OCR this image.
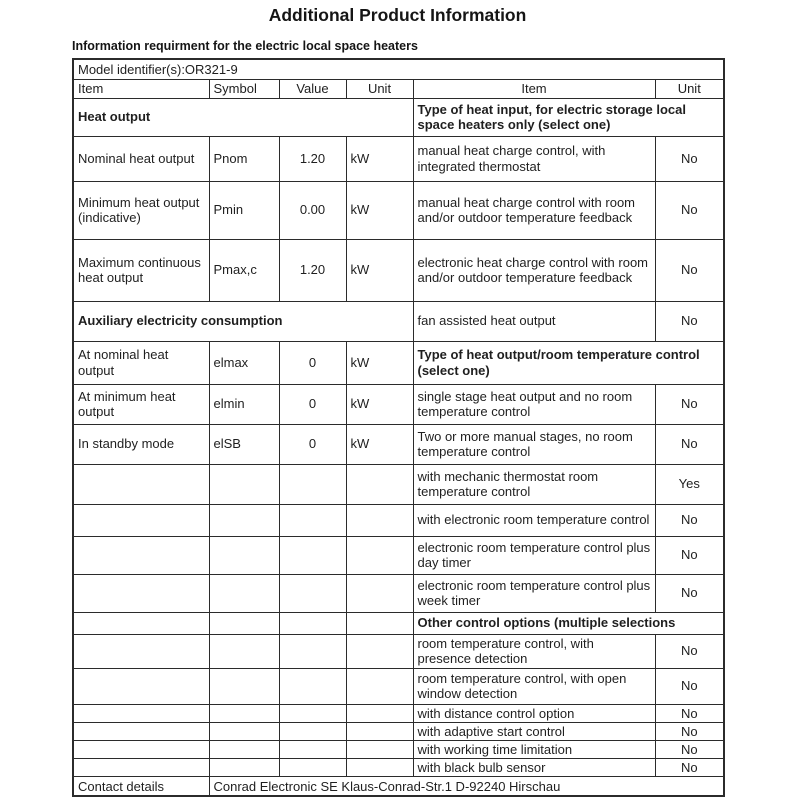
Additional Product Information
Information requirment for the electric local space heaters
Model identifier(s):OR321-9					
Item	Symbol	Value	Unit	Item	Unit
Heat output				Type of heat input, for electric storage local space heaters only (select one)	
Nominal heat output	Pnom	1.20	kW	manual heat charge control, with integrated thermostat	No
Minimum heat output (indicative)	Pmin	0.00	kW	manual heat charge control with room and/or outdoor temperature feedback	No
Maximum continuous heat output	Pmax,c	1.20	kW	electronic heat charge control with room and/or outdoor temperature feedback	No
Auxiliary electricity consumption				fan assisted heat output	No
At nominal heat output	elmax	0	kW	Type of heat output/room temperature control (select one)	
At minimum heat output	elmin	0	kW	single stage heat output and no room temperature control	No
In standby mode	elSB	0	kW	Two or more manual stages, no room temperature control	No
				with mechanic thermostat room temperature control	Yes
				with electronic room temperature control	No
				electronic room temperature control plus day timer	No
				electronic room temperature control plus week timer	No
				Other control options (multiple selections	
				room temperature control, with presence detection	No
				room temperature control, with open window detection	No
				with distance control option	No
				with adaptive start control	No
				with working time limitation	No
				with black bulb sensor	No
Contact details	Conrad Electronic SE Klaus-Conrad-Str.1 D-92240 Hirschau				
